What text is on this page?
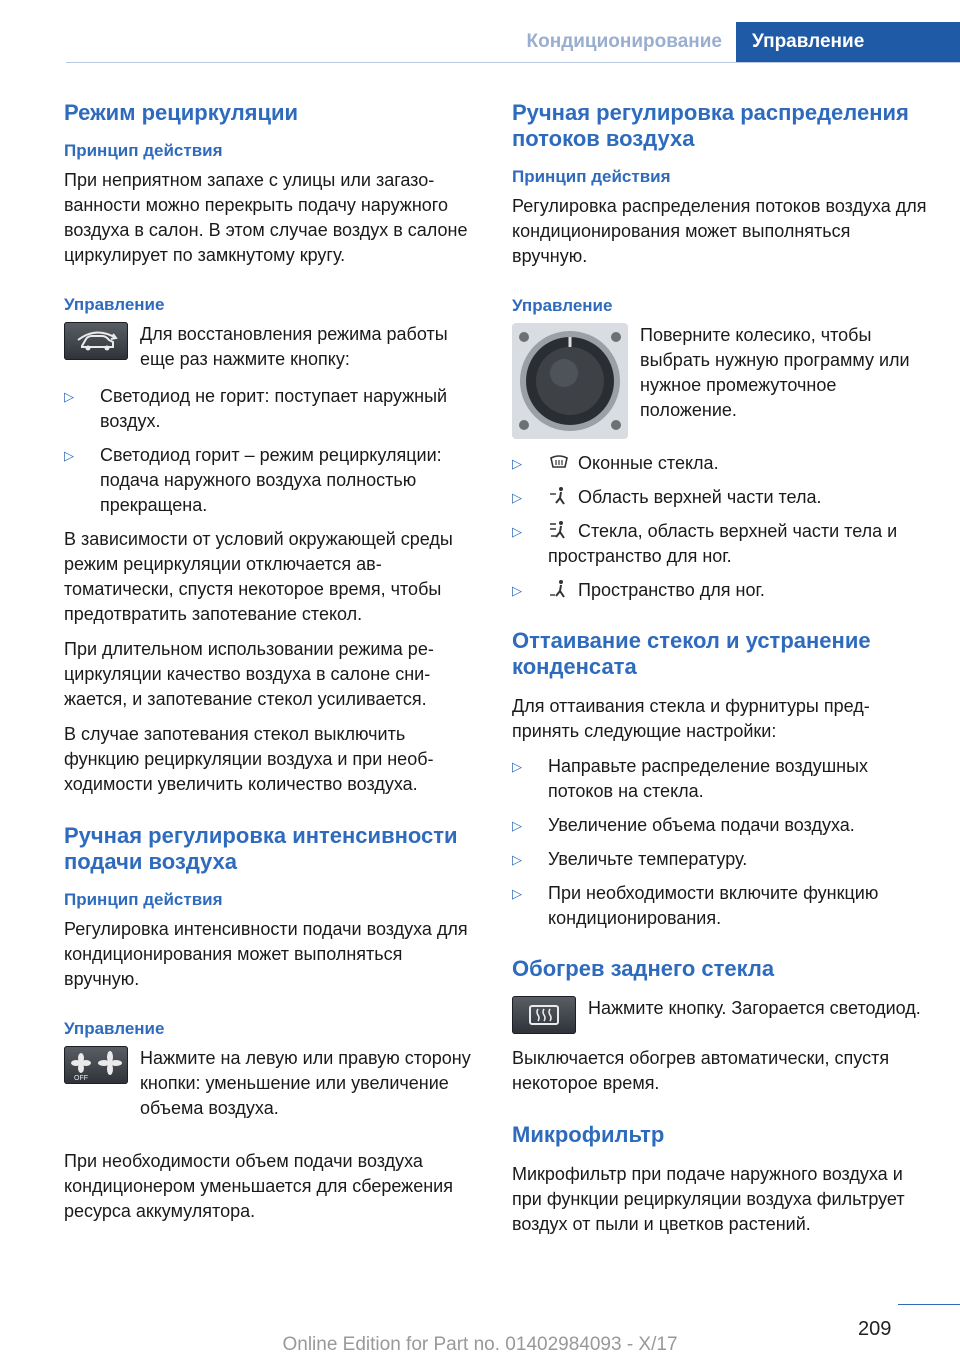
Кондиционирование	Управление
Режим рециркуляции
Принцип действия
При неприятном запахе с улицы или загазованности можно перекрыть подачу наружного воздуха в салон. В этом случае воздух в салоне циркулирует по замкнутому кругу.
Управление
Для восстановления режима работы еще раз нажмите кнопку:
▷	Светодиод не горит: поступает наружный воздух.
▷	Светодиод горит – режим рециркуляции: подача наружного воздуха полностью прекращена.
В зависимости от условий окружающей среды режим рециркуляции отключается автоматически, спустя некоторое время, чтобы предотвратить запотевание стекол.
При длительном использовании режима рециркуляции качество воздуха в салоне снижается, и запотевание стекол усиливается.
В случае запотевания стекол выключить функцию рециркуляции воздуха и при необходимости увеличить количество воздуха.
Ручная регулировка интенсивности подачи воздуха
Принцип действия
Регулировка интенсивности подачи воздуха для кондиционирования может выполняться вручную.
Управление
OFF
Нажмите на левую или правую сторону кнопки: уменьшение или увеличение объема воздуха.
При необходимости объем подачи воздуха кондиционером уменьшается для сбережения ресурса аккумулятора.
Ручная регулировка распределения потоков воздуха
Принцип действия
Регулировка распределения потоков воздуха для кондиционирования может выполняться вручную.
Управление
Поверните колесико, чтобы выбрать нужную программу или нужное промежуточное положение.
▷	Оконные стекла.
▷	Область верхней части тела.
▷	Стекла, область верхней части тела и пространство для ног.
▷	Пространство для ног.
Оттаивание стекол и устранение конденсата
Для оттаивания стекла и фурнитуры предпринять следующие настройки:
▷	Направьте распределение воздушных потоков на стекла.
▷	Увеличение объема подачи воздуха.
▷	Увеличьте температуру.
▷	При необходимости включите функцию кондиционирования.
Обогрев заднего стекла
Нажмите кнопку. Загорается светодиод.
Выключается обогрев автоматически, спустя некоторое время.
Микрофильтр
Микрофильтр при подаче наружного воздуха и при функции рециркуляции воздуха фильтрует воздух от пыли и цветков растений.
209
Online Edition for Part no. 01402984093 - X/17
